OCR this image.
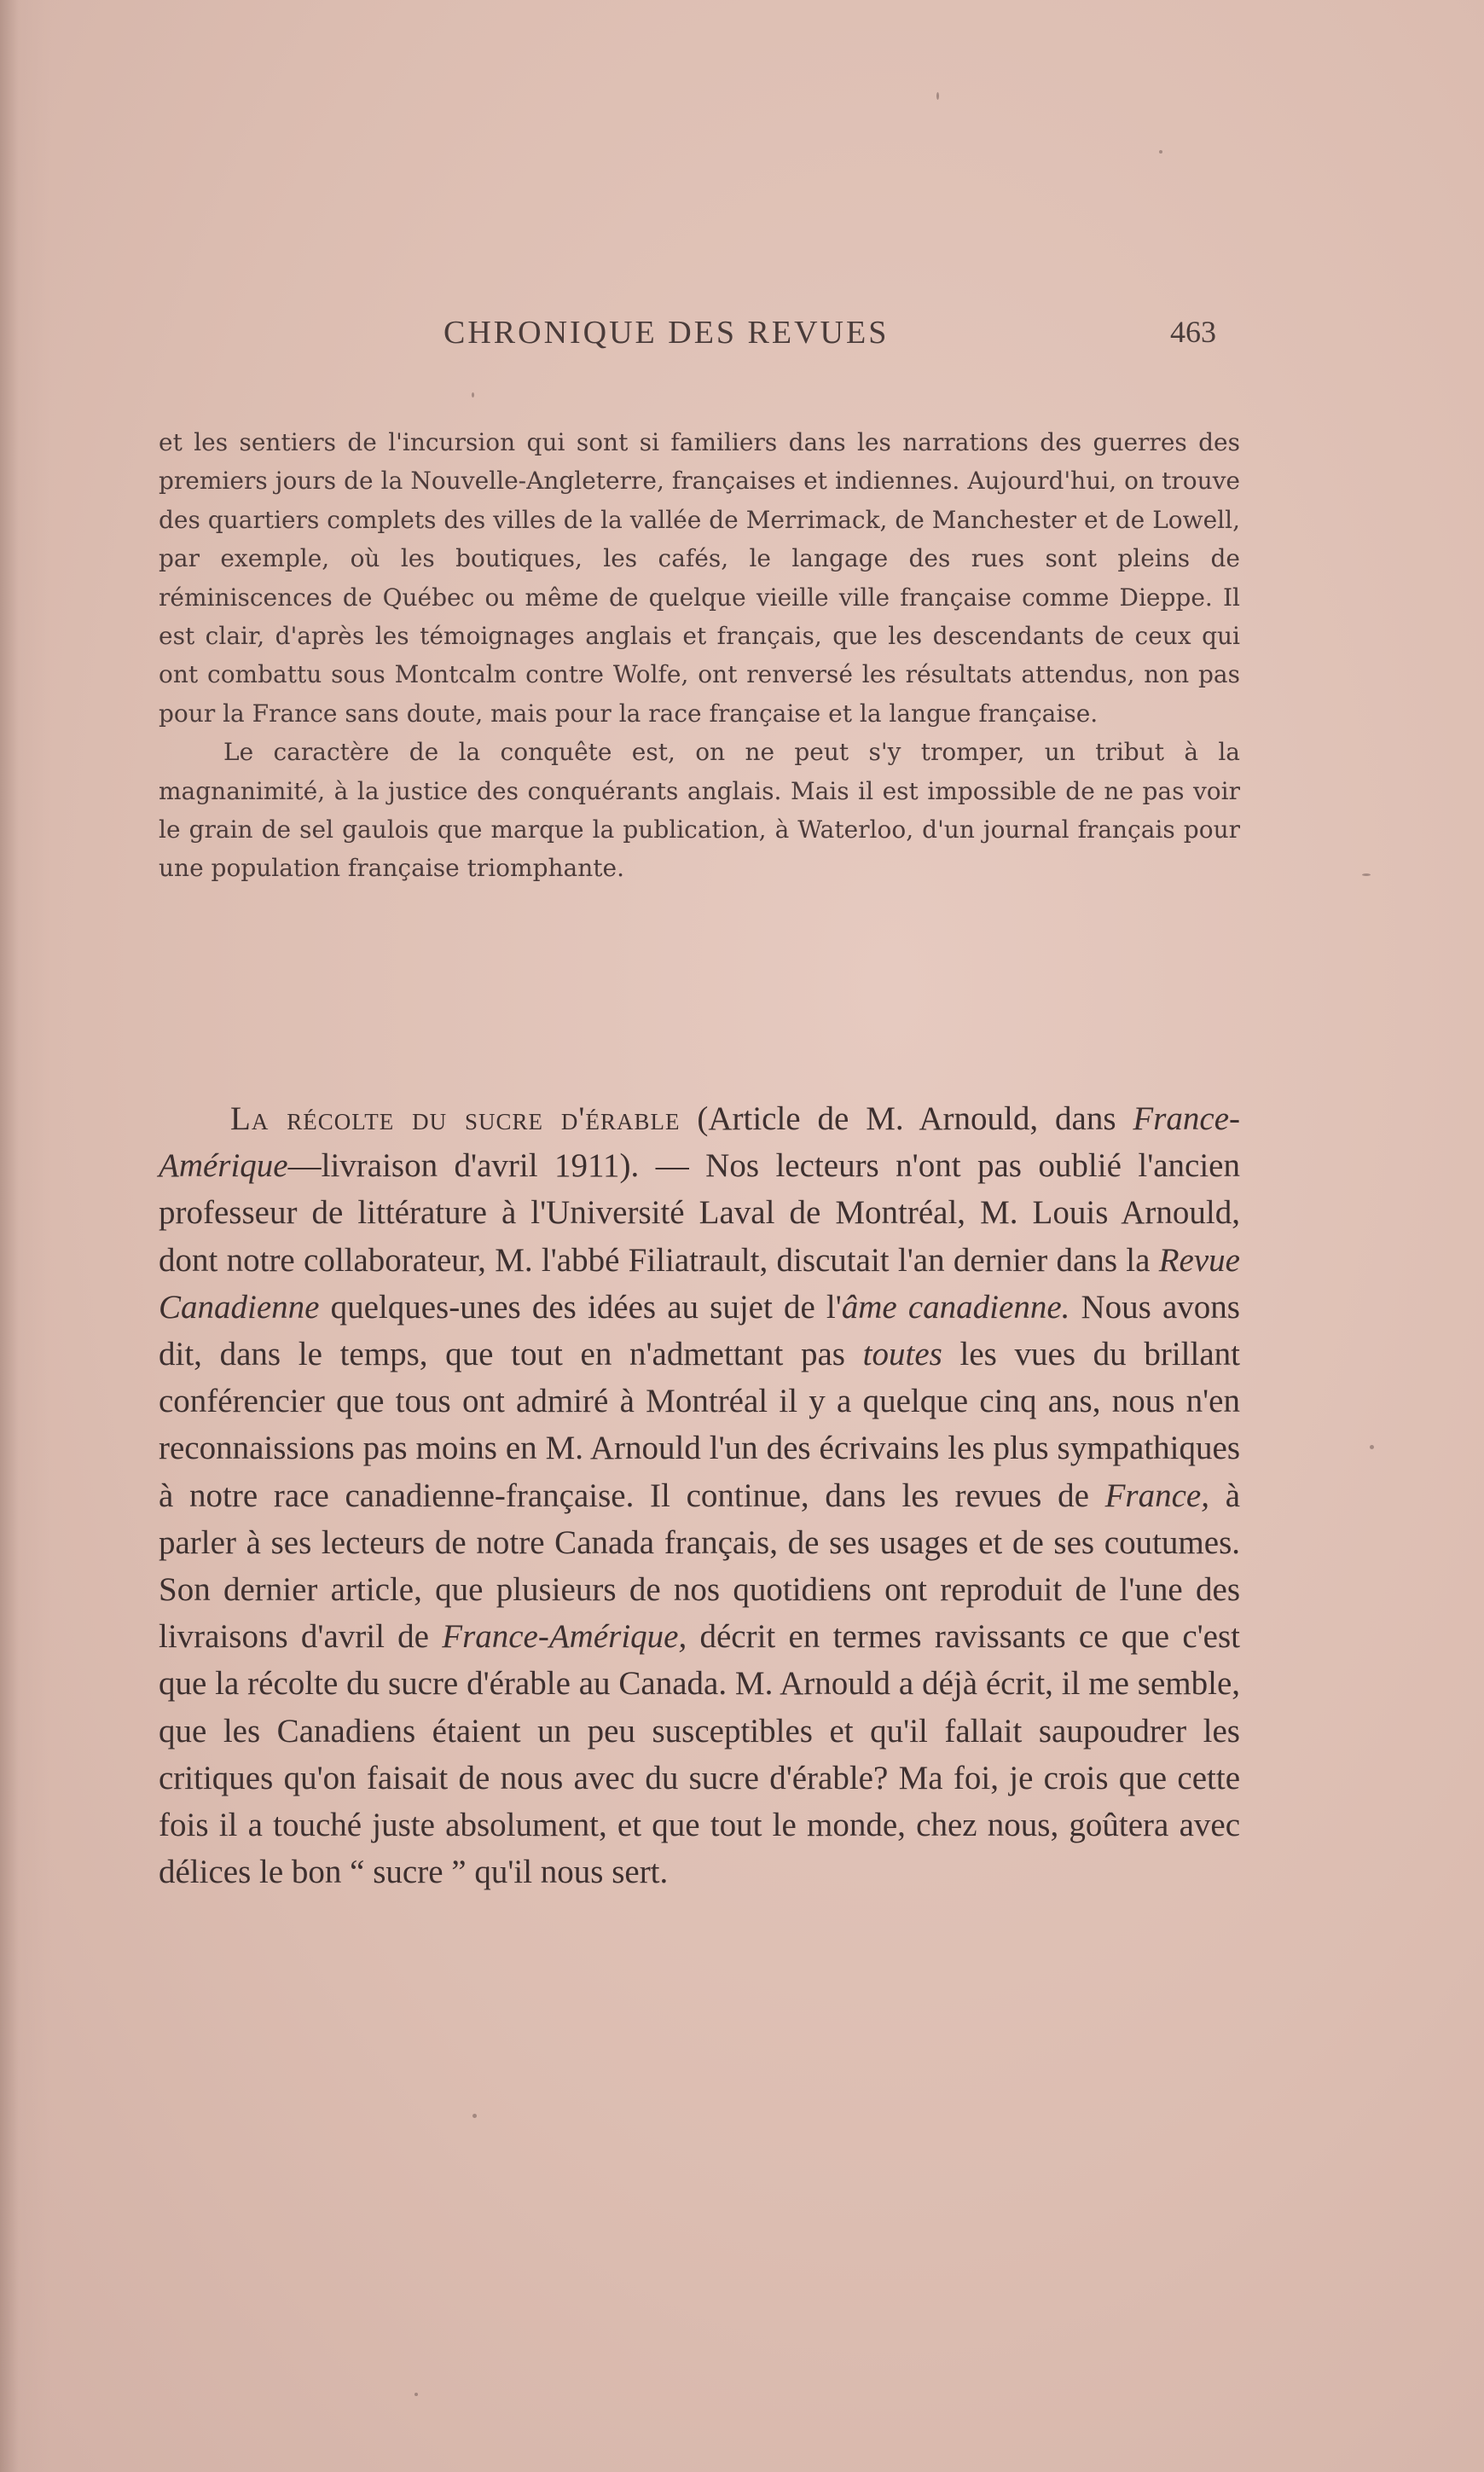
CHRONIQUE DES REVUES	463

et les sentiers de l'incursion qui sont si familiers dans les narrations des guerres des premiers jours de la Nouvelle-Angleterre, françaises et indiennes. Aujourd'hui, on trouve des quartiers complets des villes de la vallée de Merrimack, de Manchester et de Lowell, par exemple, où les boutiques, les cafés, le langage des rues sont pleins de réminiscences de Québec ou même de quelque vieille ville française comme Dieppe. Il est clair, d'après les témoignages anglais et français, que les descendants de ceux qui ont combattu sous Montcalm contre Wolfe, ont renversé les résultats attendus, non pas pour la France sans doute, mais pour la race française et la langue française.

Le caractère de la conquête est, on ne peut s'y tromper, un tribut à la magnanimité, à la justice des conquérants anglais. Mais il est impossible de ne pas voir le grain de sel gaulois que marque la publication, à Waterloo, d'un journal français pour une population française triomphante.

La récolte du sucre d'érable (Article de M. Arnould, dans France-Amérique—livraison d'avril 1911). — Nos lecteurs n'ont pas oublié l'ancien professeur de littérature à l'Université Laval de Montréal, M. Louis Arnould, dont notre collaborateur, M. l'abbé Filiatrault, discutait l'an dernier dans la Revue Canadienne quelques-unes des idées au sujet de l'âme canadienne. Nous avons dit, dans le temps, que tout en n'admettant pas toutes les vues du brillant conférencier que tous ont admiré à Montréal il y a quelque cinq ans, nous n'en reconnaissions pas moins en M. Arnould l'un des écrivains les plus sympathiques à notre race canadienne-française. Il continue, dans les revues de France, à parler à ses lecteurs de notre Canada français, de ses usages et de ses coutumes. Son dernier article, que plusieurs de nos quotidiens ont reproduit de l'une des livraisons d'avril de France-Amérique, décrit en termes ravissants ce que c'est que la récolte du sucre d'érable au Canada. M. Arnould a déjà écrit, il me semble, que les Canadiens étaient un peu susceptibles et qu'il fallait saupoudrer les critiques qu'on faisait de nous avec du sucre d'érable? Ma foi, je crois que cette fois il a touché juste absolument, et que tout le monde, chez nous, goûtera avec délices le bon “ sucre ” qu'il nous sert.
